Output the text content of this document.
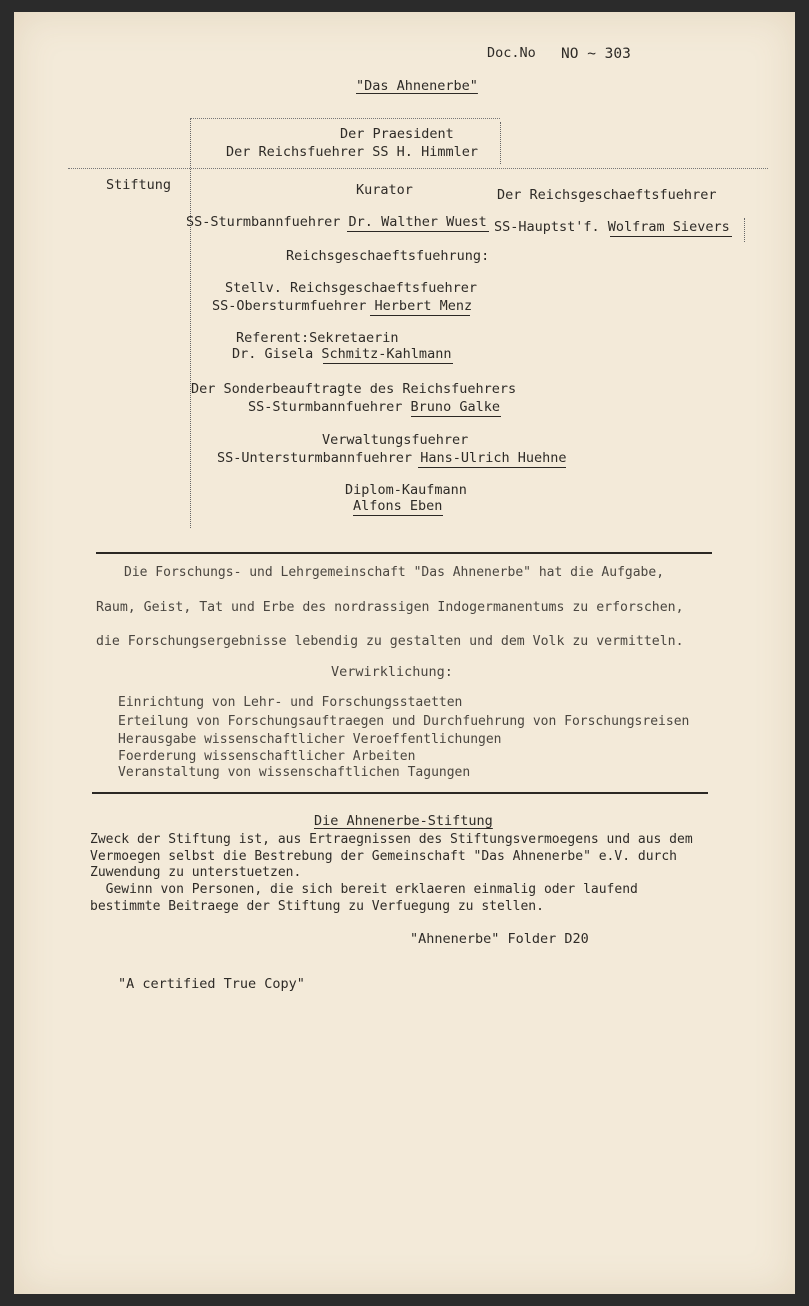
Doc.No NO ~ 303
"Das Ahnenerbe"
Der Praesident
Der Reichsfuehrer SS H. Himmler
Stiftung	Kurator	Der Reichsgeschaeftsfuehrer
SS-Sturmbannfuehrer Dr. Walther Wuest SS-Hauptst'f. Wolfram Sievers
Reichsgeschaeftsfuehrung:
Stellv. Reichsgeschaeftsfuehrer
SS-Obersturmfuehrer Herbert Menz
Referent:Sekretaerin
Dr. Gisela Schmitz-Kahlmann
Der Sonderbeauftragte des Reichsfuehrers
SS-Sturmbannfuehrer Bruno Galke
Verwaltungsfuehrer
SS-Untersturmbannfuehrer Hans-Ulrich Huehne
Diplom-Kaufmann
Alfons Eben
Die Forschungs- und Lehrgemeinschaft "Das Ahnenerbe" hat die Aufgabe,
Raum, Geist, Tat und Erbe des nordrassigen Indogermanentums zu erforschen,
die Forschungsergebnisse lebendig zu gestalten und dem Volk zu vermitteln.
Verwirklichung:
Einrichtung von Lehr- und Forschungsstaetten
Erteilung von Forschungsauftraegen und Durchfuehrung von Forschungsreisen
Herausgabe wissenschaftlicher Veroeffentlichungen
Foerderung wissenschaftlicher Arbeiten
Veranstaltung von wissenschaftlichen Tagungen
Die Ahnenerbe-Stiftung
Zweck der Stiftung ist, aus Ertraegnissen des Stiftungsvermoegens und aus dem
Vermoegen selbst die Bestrebung der Gemeinschaft "Das Ahnenerbe" e.V. durch
Zuwendung zu unterstuetzen.
Gewinn von Personen, die sich bereit erklaeren einmalig oder laufend
bestimmte Beitraege der Stiftung zu Verfuegung zu stellen.
"Ahnenerbe" Folder D20
"A certified True Copy"
